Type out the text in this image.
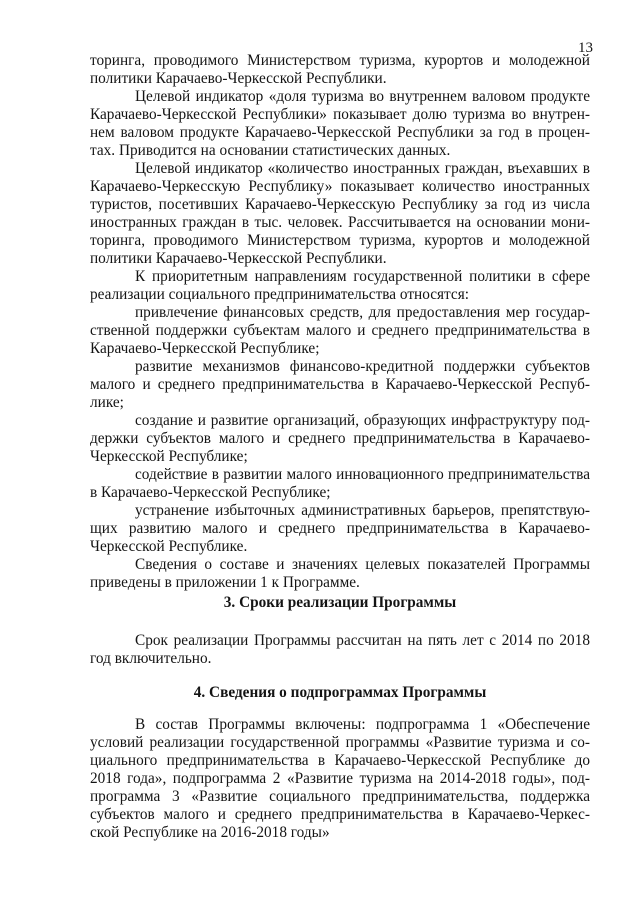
13
торинга, проводимого Министерством туризма, курортов и молодежной
политики Карачаево-Черкесской Республики.
Целевой индикатор «доля туризма во внутреннем валовом продукте
Карачаево-Черкесской Республики» показывает долю туризма во внутрен-
нем валовом продукте Карачаево-Черкесской Республики за год в процен-
тах. Приводится на основании статистических данных.
Целевой индикатор «количество иностранных граждан, въехавших в
Карачаево-Черкесскую Республику» показывает количество иностранных
туристов, посетивших Карачаево-Черкесскую Республику за год из числа
иностранных граждан в тыс. человек. Рассчитывается на основании мони-
торинга, проводимого Министерством туризма, курортов и молодежной
политики Карачаево-Черкесской Республики.
К приоритетным направлениям государственной политики в сфере
реализации социального предпринимательства относятся:
привлечение финансовых средств, для предоставления мер государ-
ственной поддержки субъектам малого и среднего предпринимательства в
Карачаево-Черкесской Республике;
развитие механизмов финансово-кредитной поддержки субъектов
малого и среднего предпринимательства в Карачаево-Черкесской Респуб-
лике;
создание и развитие организаций, образующих инфраструктуру под-
держки субъектов малого и среднего предпринимательства в Карачаево-
Черкесской Республике;
содействие в развитии малого инновационного предпринимательства
в Карачаево-Черкесской Республике;
устранение избыточных административных барьеров, препятствую-
щих развитию малого и среднего предпринимательства в Карачаево-
Черкесской Республике.
Сведения о составе и значениях целевых показателей Программы
приведены в приложении 1 к Программе.
3. Сроки реализации Программы
Срок реализации Программы рассчитан на пять лет с 2014 по 2018
год включительно.
4. Сведения о подпрограммах Программы
В состав Программы включены: подпрограмма 1 «Обеспечение
условий реализации государственной программы «Развитие туризма и со-
циального предпринимательства в Карачаево-Черкесской Республике до
2018 года», подпрограмма 2 «Развитие туризма на 2014-2018 годы», под-
программа 3 «Развитие социального предпринимательства, поддержка
субъектов малого и среднего предпринимательства в Карачаево-Черкес-
ской Республике на 2016-2018 годы»
